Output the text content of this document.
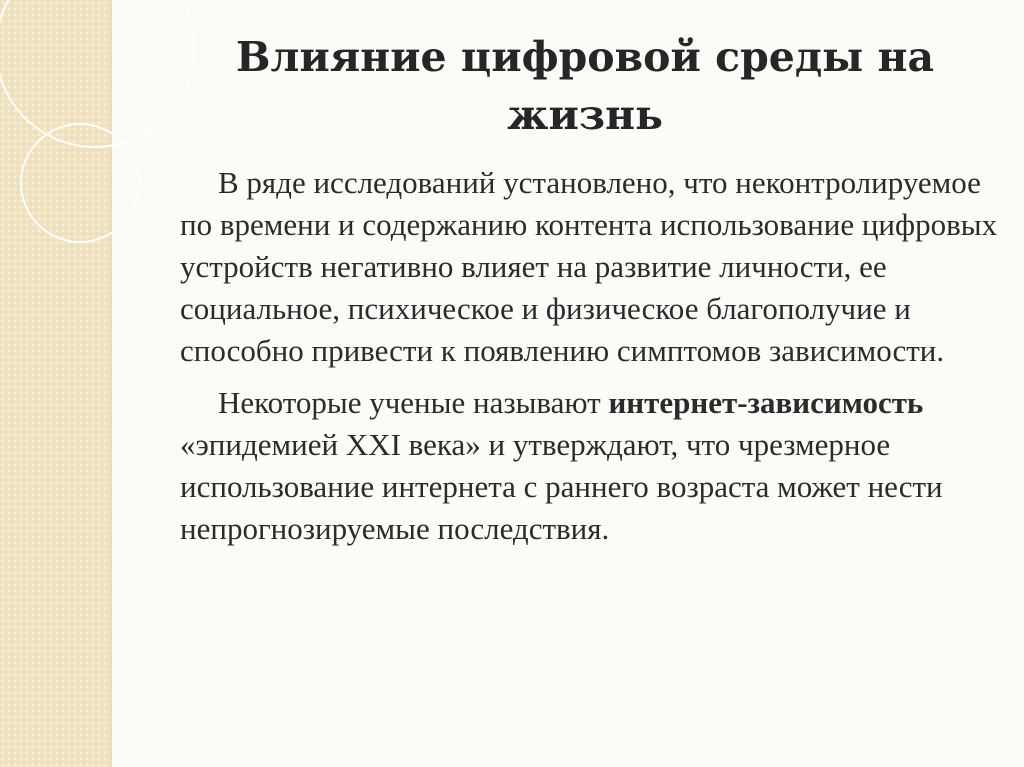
Влияние цифровой среды на жизнь

В ряде исследований установлено, что неконтролируемое по времени и содержанию контента использование цифровых устройств негативно влияет на развитие личности, ее социальное, психическое и физическое благополучие и способно привести к появлению симптомов зависимости.

Некоторые ученые называют интернет-зависимость «эпидемией XXI века» и утверждают, что чрезмерное использование интернета с раннего возраста может нести непрогнозируемые последствия.
